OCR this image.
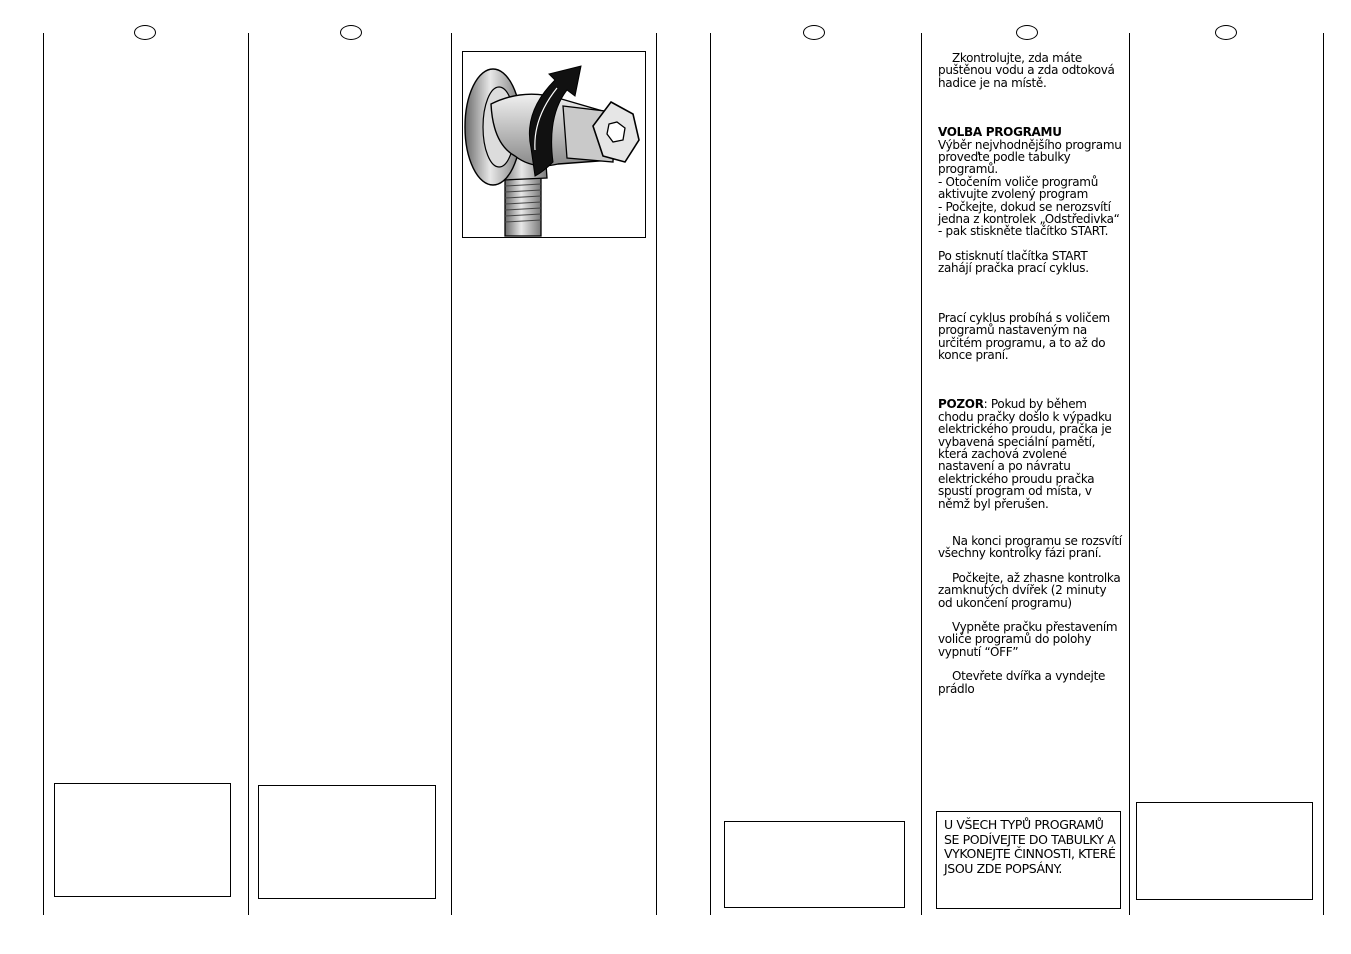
Zkontrolujte, zda máte puštěnou vodu a zda odtoková hadice je na místě.

VOLBA PROGRAMU

Výběr nejvhodnějšího programu proveďte podle tabulky programů.

- Otočením voliče programů aktivujte zvolený program

- Počkejte, dokud se nerozsvítí jedna z kontrolek „Odstředivka“

- pak stiskněte tlačítko START.

Po stisknutí tlačítka START zahájí pračka prací cyklus.

Prací cyklus probíhá s voličem programů nastaveným na určitém programu, a to až do konce praní.

POZOR: Pokud by během chodu pračky došlo k výpadku elektrického proudu, pračka je vybavená speciální pamětí, která zachová zvolené nastavení a po návratu elektrického proudu pračka spustí program od místa, v němž byl přerušen.

Na konci programu se rozsvítí všechny kontrolky fázi praní.

Počkejte, až zhasne kontrolka zamknutých dvířek (2 minuty od ukončení programu)

Vypněte pračku přestavením voliče programů do polohy vypnutí “OFF”

Otevřete dvířka a vyndejte prádlo

U VŠECH TYPŮ PROGRAMŮ SE PODÍVEJTE DO TABULKY A VYKONEJTE ČINNOSTI, KTERÉ JSOU ZDE POPSÁNY.
